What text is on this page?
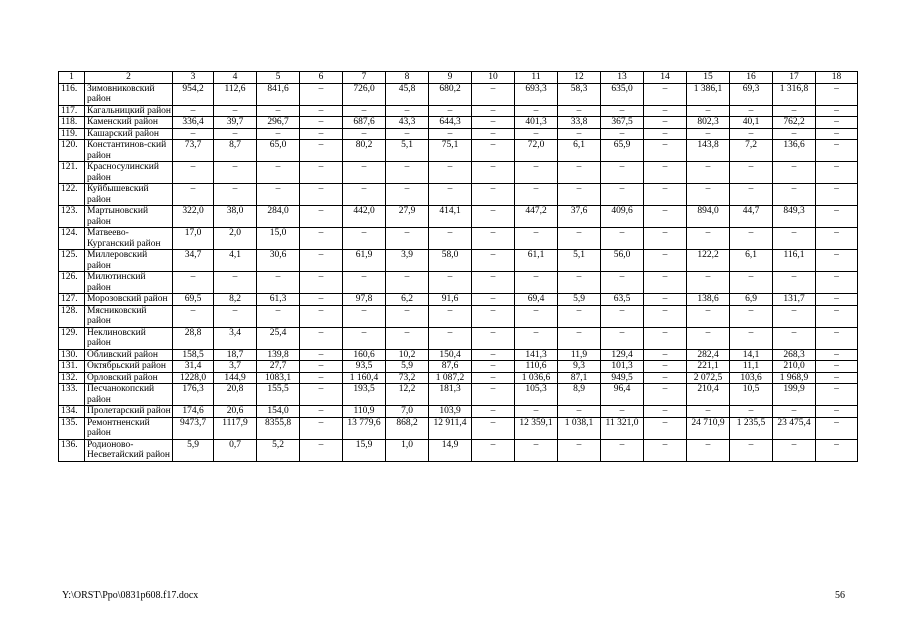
1	2	3	4	5	6	7	8	9	10	11	12	13	14	15	16	17	18
116.	Зимовниковский район	954,2	112,6	841,6	–	726,0	45,8	680,2	–	693,3	58,3	635,0	–	1 386,1	69,3	1 316,8	–
117.	Кагальницкий район	–	–	–	–	–	–	–	–	–	–	–	–	–	–	–	–
118.	Каменский район	336,4	39,7	296,7	–	687,6	43,3	644,3	–	401,3	33,8	367,5	–	802,3	40,1	762,2	–
119.	Кашарский район	–	–	–	–	–	–	–	–	–	–	–	–	–	–	–	–
120.	Константинов-ский район	73,7	8,7	65,0	–	80,2	5,1	75,1	–	72,0	6,1	65,9	–	143,8	7,2	136,6	–
121.	Красносулинский район	–	–	–	–	–	–	–	–	–	–	–	–	–	–	–	–
122.	Куйбышевский район	–	–	–	–	–	–	–	–	–	–	–	–	–	–	–	–
123.	Мартыновский район	322,0	38,0	284,0	–	442,0	27,9	414,1	–	447,2	37,6	409,6	–	894,0	44,7	849,3	–
124.	Матвеево-Курганский район	17,0	2,0	15,0	–	–	–	–	–	–	–	–	–	–	–	–	–
125.	Миллеровский район	34,7	4,1	30,6	–	61,9	3,9	58,0	–	61,1	5,1	56,0	–	122,2	6,1	116,1	–
126.	Милютинский район	–	–	–	–	–	–	–	–	–	–	–	–	–	–	–	–
127.	Морозовский район	69,5	8,2	61,3	–	97,8	6,2	91,6	–	69,4	5,9	63,5	–	138,6	6,9	131,7	–
128.	Мясниковский район	–	–	–	–	–	–	–	–	–	–	–	–	–	–	–	–
129.	Неклиновский район	28,8	3,4	25,4	–	–	–	–	–	–	–	–	–	–	–	–	–
130.	Обливский район	158,5	18,7	139,8	–	160,6	10,2	150,4	–	141,3	11,9	129,4	–	282,4	14,1	268,3	–
131.	Октябрьский район	31,4	3,7	27,7	–	93,5	5,9	87,6	–	110,6	9,3	101,3	–	221,1	11,1	210,0	–
132.	Орловский район	1228,0	144,9	1083,1	–	1 160,4	73,2	1 087,2	–	1 036,6	87,1	949,5	–	2 072,5	103,6	1 968,9	–
133.	Песчанокопский район	176,3	20,8	155,5	–	193,5	12,2	181,3	–	105,3	8,9	96,4	–	210,4	10,5	199,9	–
134.	Пролетарский район	174,6	20,6	154,0	–	110,9	7,0	103,9	–	–	–	–	–	–	–	–	–
135.	Ремонтненский район	9473,7	1117,9	8355,8	–	13 779,6	868,2	12 911,4	–	12 359,1	1 038,1	11 321,0	–	24 710,9	1 235,5	23 475,4	–
136.	Родионово-Несветайский район	5,9	0,7	5,2	–	15,9	1,0	14,9	–	–	–	–	–	–	–	–	–
Y:\ORST\Ppo\0831p608.f17.docx	56
